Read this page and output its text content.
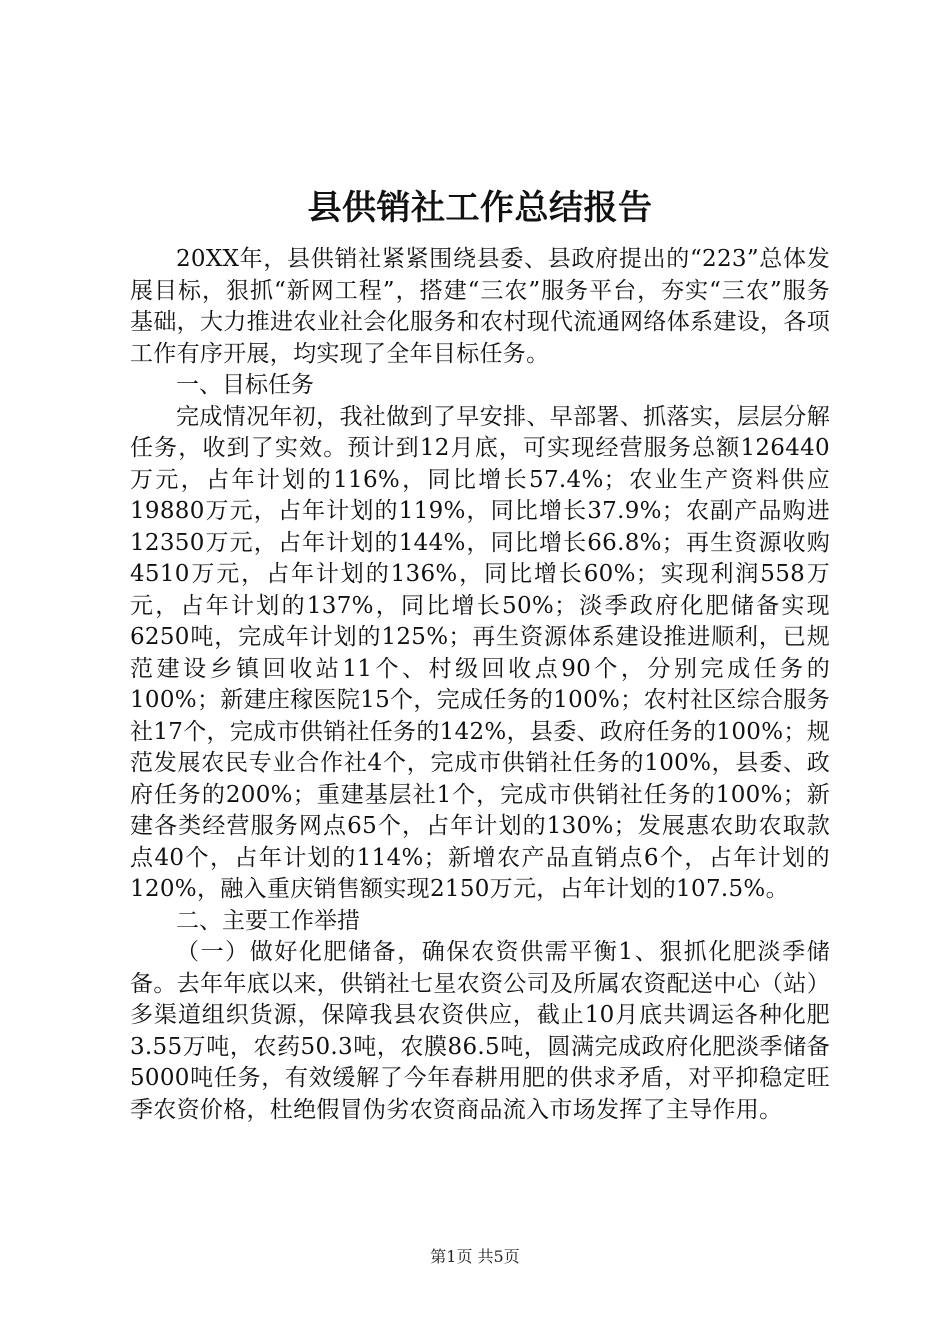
县供销社工作总结报告

20XX年，县供销社紧紧围绕县委、县政府提出的“223”总体发展目标，狠抓“新网工程”，搭建“三农”服务平台，夯实“三农”服务基础，大力推进农业社会化服务和农村现代流通网络体系建设，各项工作有序开展，均实现了全年目标任务。

一、目标任务

完成情况年初，我社做到了早安排、早部署、抓落实，层层分解任务，收到了实效。预计到12月底，可实现经营服务总额126440万元，占年计划的116%，同比增长57.4%；农业生产资料供应19880万元，占年计划的119%，同比增长37.9%；农副产品购进12350万元，占年计划的144%，同比增长66.8%；再生资源收购4510万元，占年计划的136%，同比增长60%；实现利润558万元，占年计划的137%，同比增长50%；淡季政府化肥储备实现6250吨，完成年计划的125%；再生资源体系建设推进顺利，已规范建设乡镇回收站11个、村级回收点90个，分别完成任务的100%；新建庄稼医院15个，完成任务的100%；农村社区综合服务社17个，完成市供销社任务的142%，县委、政府任务的100%；规范发展农民专业合作社4个，完成市供销社任务的100%，县委、政府任务的200%；重建基层社1个，完成市供销社任务的100%；新建各类经营服务网点65个，占年计划的130%；发展惠农助农取款点40个，占年计划的114%；新增农产品直销点6个，占年计划的120%，融入重庆销售额实现2150万元，占年计划的107.5%。

二、主要工作举措

（一）做好化肥储备，确保农资供需平衡1、狠抓化肥淡季储备。去年年底以来，供销社七星农资公司及所属农资配送中心（站）多渠道组织货源，保障我县农资供应，截止10月底共调运各种化肥3.55万吨，农药50.3吨，农膜86.5吨，圆满完成政府化肥淡季储备5000吨任务，有效缓解了今年春耕用肥的供求矛盾，对平抑稳定旺季农资价格，杜绝假冒伪劣农资商品流入市场发挥了主导作用。

第1页 共5页
